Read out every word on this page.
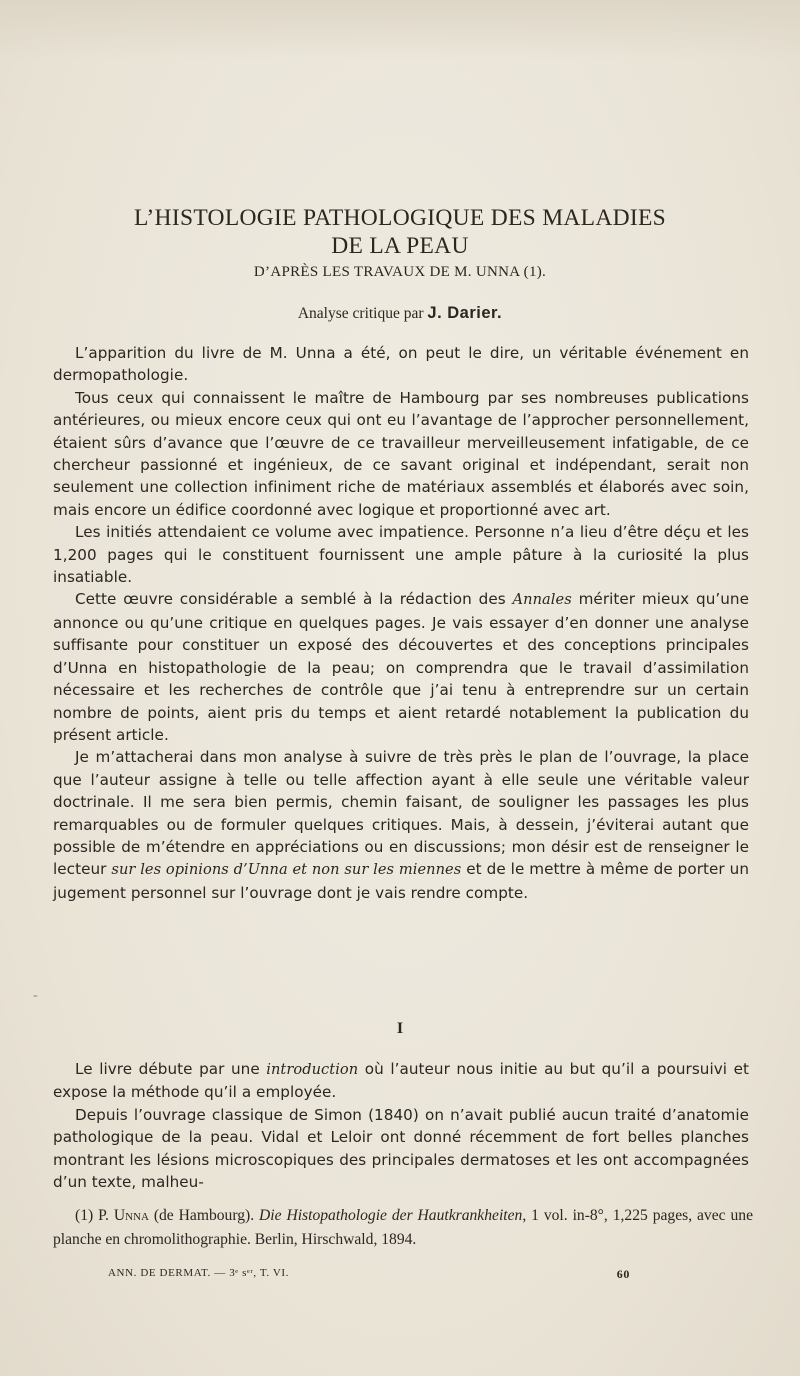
L’HISTOLOGIE PATHOLOGIQUE DES MALADIES
DE LA PEAU
D’APRÈS LES TRAVAUX DE M. UNNA (1).
Analyse critique par J. Darier.

L’apparition du livre de M. Unna a été, on peut le dire, un véritable événement en dermopathologie.

Tous ceux qui connaissent le maître de Hambourg par ses nombreuses publications antérieures, ou mieux encore ceux qui ont eu l’avantage de l’approcher personnellement, étaient sûrs d’avance que l’œuvre de ce travailleur merveilleusement infatigable, de ce chercheur passionné et ingénieux, de ce savant original et indépendant, serait non seulement une collection infiniment riche de matériaux assemblés et élaborés avec soin, mais encore un édifice coordonné avec logique et proportionné avec art.

Les initiés attendaient ce volume avec impatience. Personne n’a lieu d’être déçu et les 1,200 pages qui le constituent fournissent une ample pâture à la curiosité la plus insatiable.

Cette œuvre considérable a semblé à la rédaction des Annales mériter mieux qu’une annonce ou qu’une critique en quelques pages. Je vais essayer d’en donner une analyse suffisante pour constituer un exposé des découvertes et des conceptions principales d’Unna en histopathologie de la peau; on comprendra que le travail d’assimilation nécessaire et les recherches de contrôle que j’ai tenu à entreprendre sur un certain nombre de points, aient pris du temps et aient retardé notablement la publication du présent article.

Je m’attacherai dans mon analyse à suivre de très près le plan de l’ouvrage, la place que l’auteur assigne à telle ou telle affection ayant à elle seule une véritable valeur doctrinale. Il me sera bien permis, chemin faisant, de souligner les passages les plus remarquables ou de formuler quelques critiques. Mais, à dessein, j’éviterai autant que possible de m’étendre en appréciations ou en discussions; mon désir est de renseigner le lecteur sur les opinions d’Unna et non sur les miennes et de le mettre à même de porter un jugement personnel sur l’ouvrage dont je vais rendre compte.

-
I

Le livre débute par une introduction où l’auteur nous initie au but qu’il a poursuivi et expose la méthode qu’il a employée.

Depuis l’ouvrage classique de Simon (1840) on n’avait publié aucun traité d’anatomie pathologique de la peau. Vidal et Leloir ont donné récemment de fort belles planches montrant les lésions microscopiques des principales dermatoses et les ont accompagnées d’un texte, malheu-

(1) P. Unna (de Hambourg). Die Histopathologie der Hautkrankheiten, 1 vol. in-8°, 1,225 pages, avec une planche en chromolithographie. Berlin, Hirschwald, 1894.

ANN. DE DERMAT. — 3ᵉ sᵉʳ, T. VI.	60
